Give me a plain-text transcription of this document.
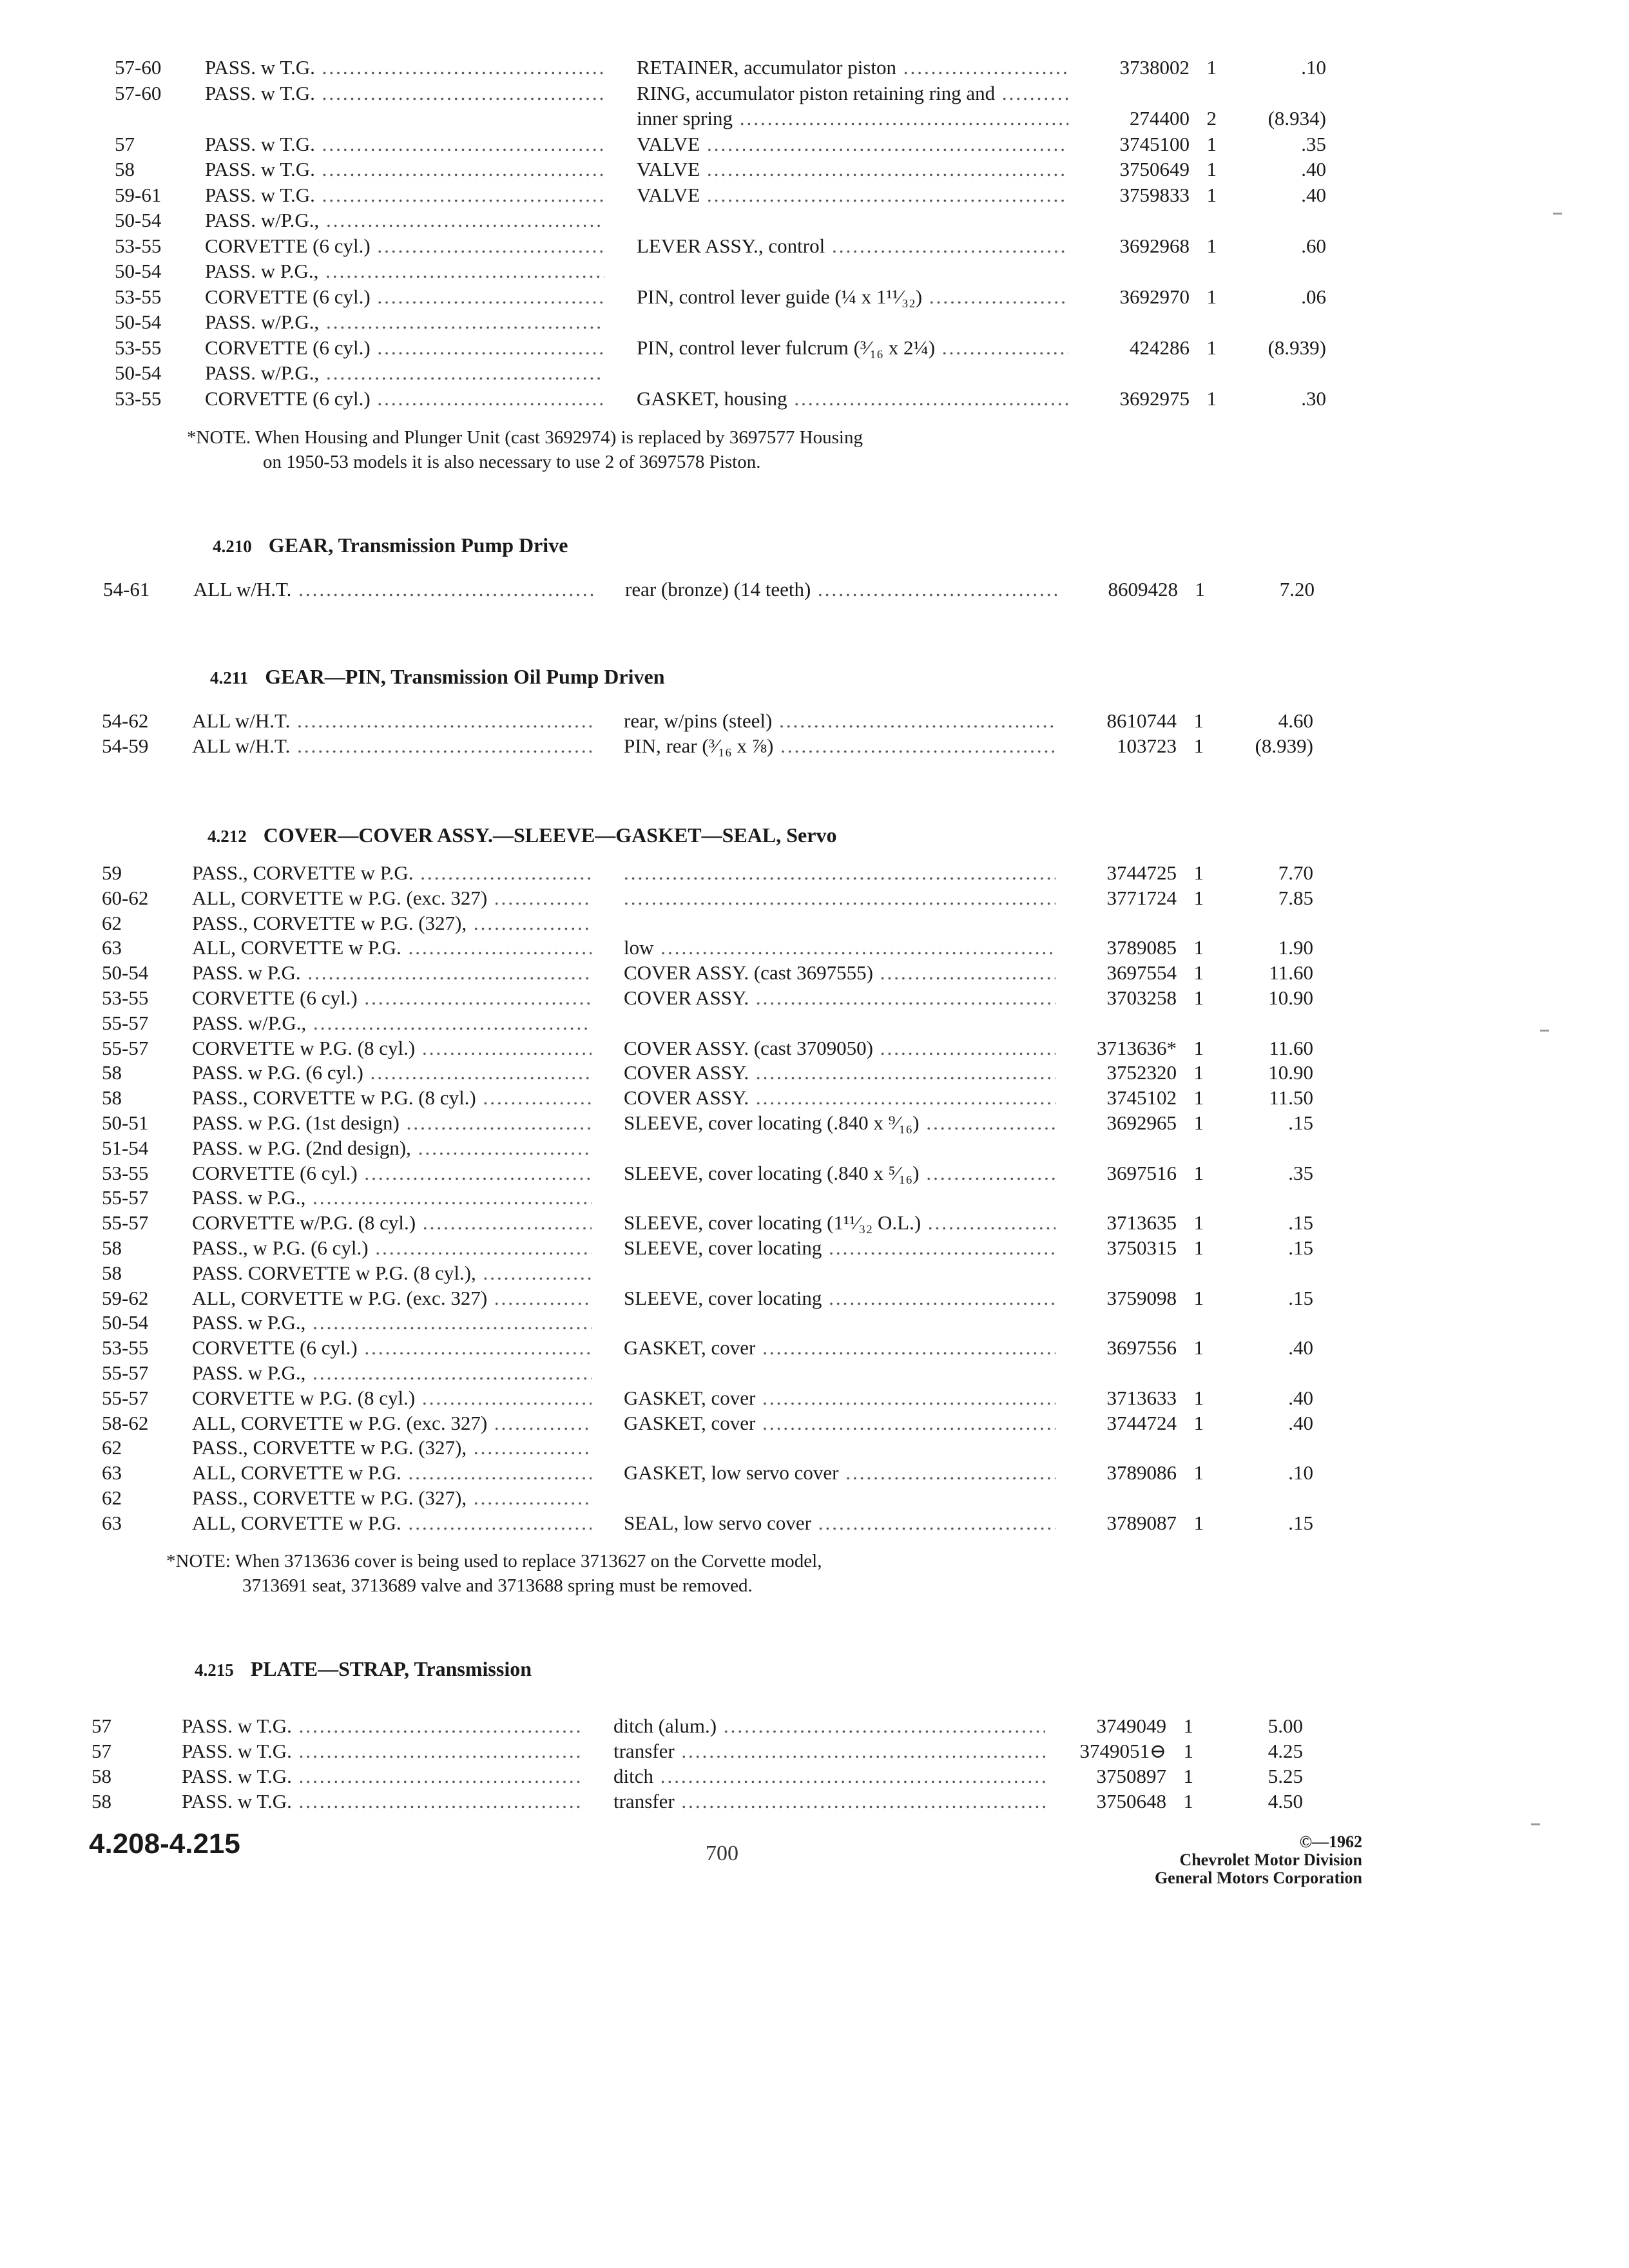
57-60 PASS. w T.G. .....	RETAINER, accumulator piston .....	3738002 1	.10
57-60 PASS. w T.G. .....	RING, accumulator piston retaining ring and .....
inner spring .....	274400 2	(8.934)
57	PASS. w T.G. .....	VALVE .....	3745100 1	.35
58	PASS. w T.G. .....	VALVE .....	3750649 1	.40
59-61 PASS. w T.G. .....	VALVE .....	3759833 1	.40
50-54 PASS. w/P.G., .....
53-55 CORVETTE (6 cyl.) .....	LEVER ASSY., control .....	3692968 1	.60
50-54 PASS. w P.G., .....
53-55 CORVETTE (6 cyl.) .....	PIN, control lever guide (¼ x 1¹¹⁄₃₂) .....	3692970 1	.06
50-54 PASS. w/P.G., .....
53-55 CORVETTE (6 cyl.) .....	PIN, control lever fulcrum (³⁄₁₆ x 2¼) .....	424286 1	(8.939)
50-54 PASS. w/P.G., .....
53-55 CORVETTE (6 cyl.) .....	GASKET, housing .....	3692975 1	.30
*NOTE. When Housing and Plunger Unit (cast 3692974) is replaced by 3697577 Housing
on 1950-53 models it is also necessary to use 2 of 3697578 Piston.
4.210 GEAR, Transmission Pump Drive
54-61 ALL w/H.T. .....	rear (bronze) (14 teeth) .....	8609428 1	7.20
4.211 GEAR—PIN, Transmission Oil Pump Driven
54-62 ALL w/H.T. .....	rear, w/pins (steel) .....	8610744 1	4.60
54-59 ALL w/H.T. .....	PIN, rear (³⁄₁₆ x ⅞) .....	103723 1	(8.939)
4.212 COVER—COVER ASSY.—SLEEVE—GASKET—SEAL, Servo
59	PASS., CORVETTE w P.G. ..... .....	3744725 1	7.70
60-62 ALL, CORVETTE w P.G. (exc. 327) ..... .....	3771724 1	7.85
62	PASS., CORVETTE w P.G. (327), .....
63	ALL, CORVETTE w P.G. .....	low .....	3789085 1	1.90
50-54 PASS. w P.G. .....	COVER ASSY. (cast 3697555) .....	3697554 1	11.60
53-55 CORVETTE (6 cyl.) .....	COVER ASSY. .....	3703258 1	10.90
55-57 PASS. w/P.G., .....
55-57 CORVETTE w P.G. (8 cyl.) .....	COVER ASSY. (cast 3709050) .....	3713636* 1	11.60
58	PASS. w P.G. (6 cyl.) .....	COVER ASSY. .....	3752320 1	10.90
58	PASS., CORVETTE w P.G. (8 cyl.) .....	COVER ASSY. .....	3745102 1	11.50
50-51 PASS. w P.G. (1st design) .....	SLEEVE, cover locating (.840 x ⁹⁄₁₆) .....	3692965 1	.15
51-54 PASS. w P.G. (2nd design), .....
53-55 CORVETTE (6 cyl.) .....	SLEEVE, cover locating (.840 x ⁵⁄₁₆) .....	3697516 1	.35
55-57 PASS. w P.G., .....
55-57 CORVETTE w/P.G. (8 cyl.) .....	SLEEVE, cover locating (1¹¹⁄₃₂ O.L.) .....	3713635 1	.15
58	PASS., w P.G. (6 cyl.) .....	SLEEVE, cover locating .....	3750315 1	.15
58	PASS. CORVETTE w P.G. (8 cyl.), .....
59-62 ALL, CORVETTE w P.G. (exc. 327) .....	SLEEVE, cover locating .....	3759098 1	.15
50-54 PASS. w P.G., .....
53-55 CORVETTE (6 cyl.) .....	GASKET, cover .....	3697556 1	.40
55-57 PASS. w P.G., .....
55-57 CORVETTE w P.G. (8 cyl.) .....	GASKET, cover .....	3713633 1	.40
58-62 ALL, CORVETTE w P.G. (exc. 327) .....	GASKET, cover .....	3744724 1	.40
62	PASS., CORVETTE w P.G. (327), .....
63	ALL, CORVETTE w P.G. .....	GASKET, low servo cover .....	3789086 1	.10
62	PASS., CORVETTE w P.G. (327), .....
63	ALL, CORVETTE w P.G. .....	SEAL, low servo cover .....	3789087 1	.15
*NOTE: When 3713636 cover is being used to replace 3713627 on the Corvette model,
3713691 seat, 3713689 valve and 3713688 spring must be removed.
4.215 PLATE—STRAP, Transmission
57	PASS. w T.G. .....	ditch (alum.) .....	3749049 1	5.00
57	PASS. w T.G. .....	transfer .....	3749051⊖ 1	4.25
58	PASS. w T.G. .....	ditch .....	3750897 1	5.25
58	PASS. w T.G. .....	transfer .....	3750648 1	4.50
4.208-4.215	700	©—1962
Chevrolet Motor Division
General Motors Corporation
